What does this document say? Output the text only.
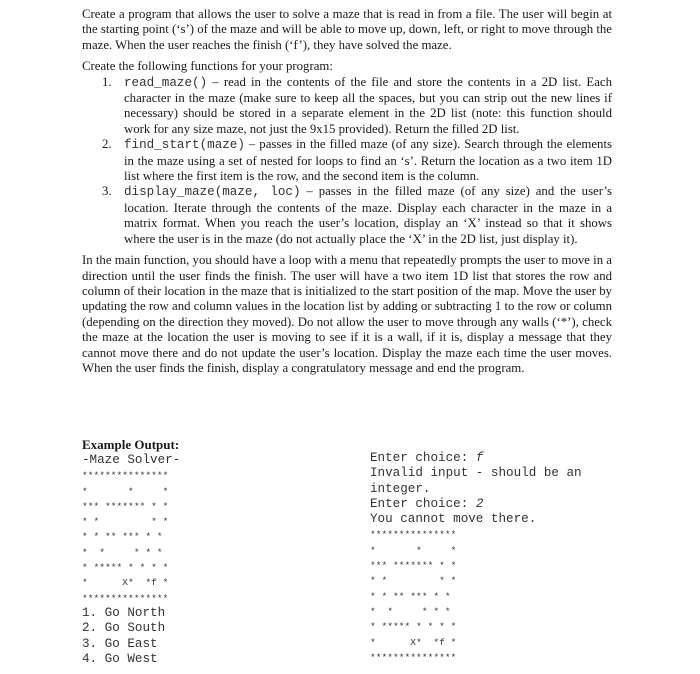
Create a program that allows the user to solve a maze that is read in from a file. The user will begin at the starting point (‘s’) of the maze and will be able to move up, down, left, or right to move through the maze. When the user reaches the finish (‘f’), they have solved the maze.

Create the following functions for your program:

1. read_maze() – read in the contents of the file and store the contents in a 2D list. Each character in the maze (make sure to keep all the spaces, but you can strip out the new lines if necessary) should be stored in a separate element in the 2D list (note: this function should work for any size maze, not just the 9x15 provided). Return the filled 2D list.
2. find_start(maze) – passes in the filled maze (of any size). Search through the elements in the maze using a set of nested for loops to find an ‘s’. Return the location as a two item 1D list where the first item is the row, and the second item is the column.
3. display_maze(maze, loc) – passes in the filled maze (of any size) and the user’s location. Iterate through the contents of the maze. Display each character in the maze in a matrix format. When you reach the user’s location, display an ‘X’ instead so that it shows where the user is in the maze (do not actually place the ‘X’ in the 2D list, just display it).

In the main function, you should have a loop with a menu that repeatedly prompts the user to move in a direction until the user finds the finish. The user will have a two item 1D list that stores the row and column of their location in the maze that is initialized to the start position of the map. Move the user by updating the row and column values in the location list by adding or subtracting 1 to the row or column (depending on the direction they moved). Do not allow the user to move through any walls (‘*’), check the maze at the location the user is moving to see if it is a wall, if it is, display a message that they cannot move there and do not update the user’s location. Display the maze each time the user moves. When the user finds the finish, display a congratulatory message and end the program.

Example Output:

-Maze Solver-
***************
*       *     *
*** ******* * *
* *         * *
* * ** *** * *
*  *     * * *
* ***** * * * *
*      X*  *f *
***************
1. Go North
2. Go South
3. Go East
4. Go West
Enter choice: f
Invalid input - should be an
integer.
Enter choice: 2
You cannot move there.
***************
*       *     *
*** ******* * *
* *         * *
* * ** *** * *
*  *     * * *
* ***** * * * *
*      X*  *f *
***************
